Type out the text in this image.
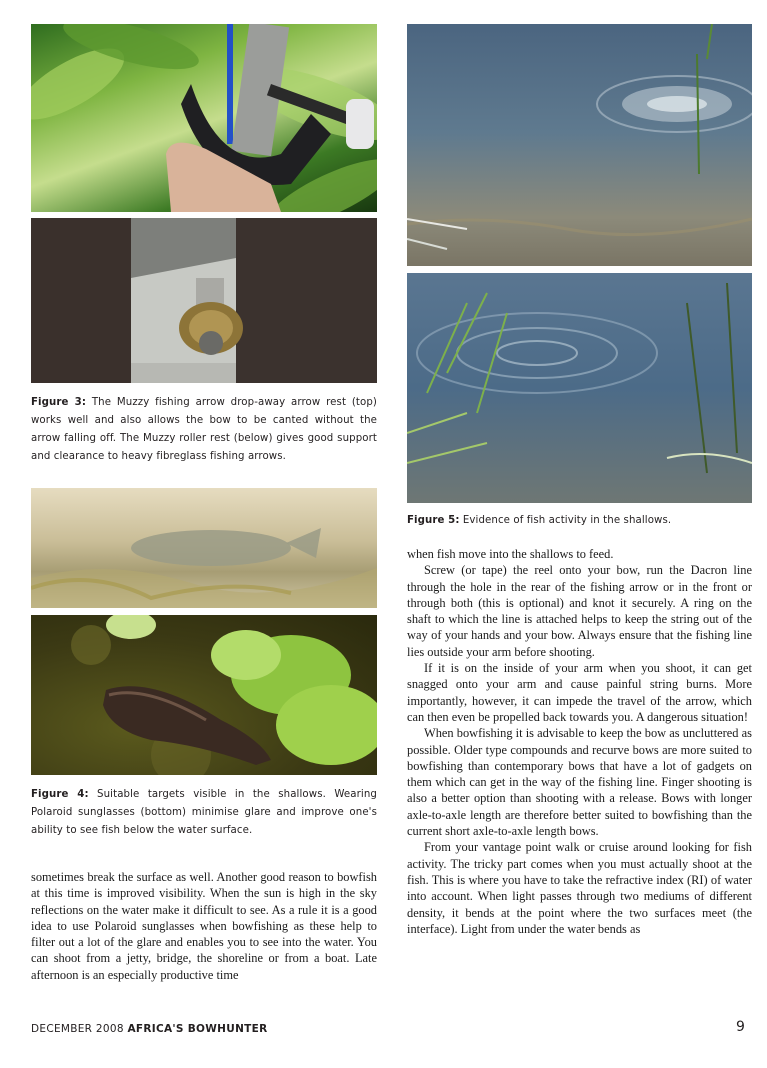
Figure 3: The Muzzy fishing arrow drop-away arrow rest (top) works well and also allows the bow to be canted without the arrow falling off. The Muzzy roller rest (below) gives good support and clearance to heavy fibreglass fishing arrows.
Figure 4: Suitable targets visible in the shallows. Wearing Polaroid sunglasses (bottom) minimise glare and improve one's ability to see fish below the water surface.

sometimes break the surface as well. Another good reason to bowfish at this time is improved visibility. When the sun is high in the sky reflections on the water make it difficult to see. As a rule it is a good idea to use Polaroid sunglasses when bowfishing as these help to filter out a lot of the glare and enables you to see into the water. You can shoot from a jetty, bridge, the shoreline or from a boat. Late afternoon is an especially productive time

Figure 5: Evidence of fish activity in the shallows.

when fish move into the shallows to feed.

Screw (or tape) the reel onto your bow, run the Dacron line through the hole in the rear of the fishing arrow or in the front or through both (this is optional) and knot it securely. A ring on the shaft to which the line is attached helps to keep the string out of the way of your hands and your bow. Always ensure that the fishing line lies outside your arm before shooting.

If it is on the inside of your arm when you shoot, it can get snagged onto your arm and cause painful string burns. More importantly, however, it can impede the travel of the arrow, which can then even be propelled back towards you. A dangerous situation!

When bowfishing it is advisable to keep the bow as uncluttered as possible. Older type compounds and recurve bows are more suited to bowfishing than contemporary bows that have a lot of gadgets on them which can get in the way of the fishing line. Finger shooting is also a better option than shooting with a release. Bows with longer axle-to-axle length are therefore better suited to bowfishing than the current short axle-to-axle length bows.

From your vantage point walk or cruise around looking for fish activity. The tricky part comes when you must actually shoot at the fish. This is where you have to take the refractive index (RI) of water into account. When light passes through two mediums of different density, it bends at the point where the two surfaces meet (the interface). Light from under the water bends as

DECEMBER 2008 AFRICA'S BOWHUNTER	9
